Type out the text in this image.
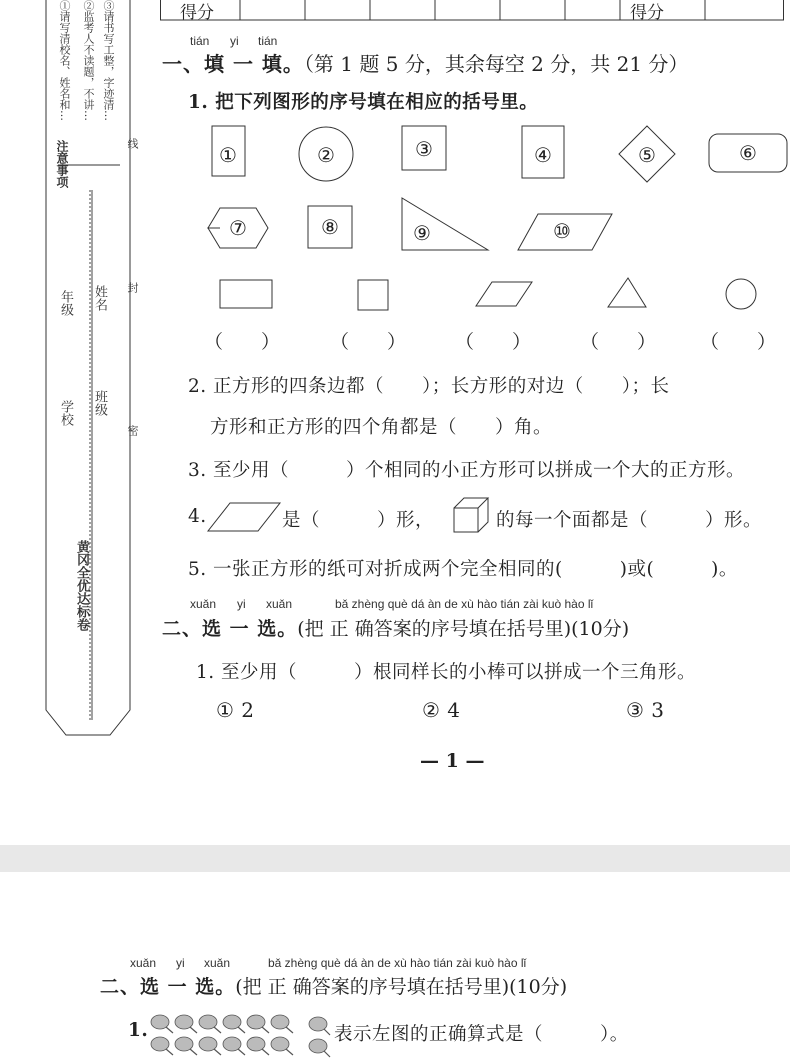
得分	得分
注意事项
①请写清校名、姓名和… ②监考人不读题，不讲… ③请书写工整，字迹清…
线
封
密
年级
学校
姓名
班级
黄冈全优达标卷
tián yi tián
一、填 一 填。（第 1 题 5 分，其余每空 2 分，共 21 分）
1. 把下列图形的序号填在相应的括号里。
①	②	③	④	⑤	⑥
⑦	⑧	⑨	⑩
（　　）	（　　）	（　　）	（　　） （　　）
2. 正方形的四条边都（　　）；长方形的对边（　　）；长
方形和正方形的四个角都是（　　）角。
3. 至少用（　　　）个相同的小正方形可以拼成一个大的正方形。
4.	是（　　　）形，	的每一个面都是（　　　）形。
5. 一张正方形的纸可对折成两个完全相同的(　　　)或(　　　)。
xuǎn yi xuǎn	bǎ zhèng què dá àn de xù hào tián zài kuò hào lǐ
二、选 一 选。(把 正 确答案的序号填在括号里)(10分)
1. 至少用（　　　）根同样长的小棒可以拼成一个三角形。
① 2	② 4	③ 3
— 1 —
xuǎn yi xuǎn	bǎ zhèng què dá àn de xù hào tián zài kuò hào lǐ
二、选 一 选。(把 正 确答案的序号填在括号里)(10分)
1.	表示左图的正确算式是（　　　）。
